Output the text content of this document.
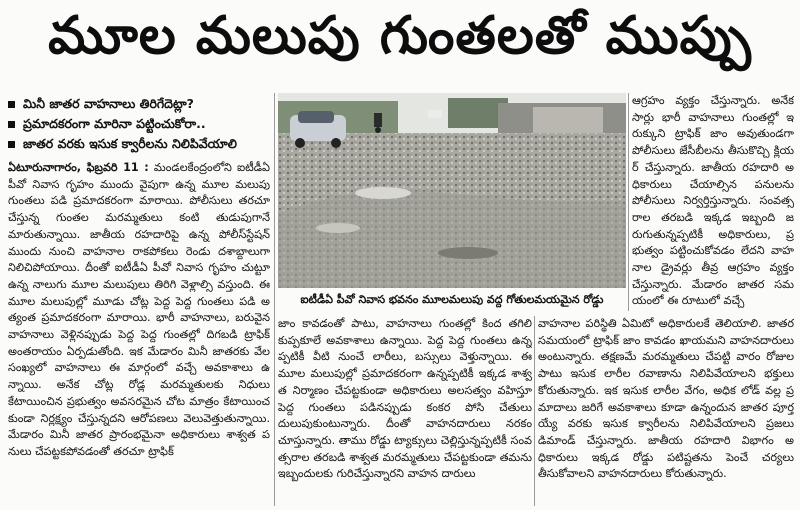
మూల మలుపు గుంతలతో ముప్పు
మినీ జాతర వాహనాలు తిరిగేదెట్లా?
ప్రమాదకరంగా మారినా పట్టించుకోరా..
జాతర వరకు ఇసుక క్వారీలను నిలిపివేయాలి

ఏటూరునాగారం, ఫిబ్రవరి 11 : మండలకేంద్రంలోని ఐటీడీఏ పీవో నివాస గృహం ముందు వైపుగా ఉన్న మూల మలుపు గుంతలు పడి ప్రమాదకరంగా మారాయి. పోలీసులు తరచూ చేస్తున్న గుంతల మరమ్మతులు కంటి తుడుపుగానే మారుతున్నాయి. జాతీయ రహదారిపై ఉన్న పోలీస్‌స్టేషన్ ముందు నుంచి వాహనాల రాకపోకలు రెండు దశాబ్దాలుగా నిలిచిపోయాయి. దీంతో ఐటీడీఏ పీవో నివాస గృహం చుట్టూ ఉన్న నాలుగు మూల మలుపులు తిరిగి వెళ్లాల్సి వస్తుంది. ఈ మూల మలుపుల్లో మూడు చోట్ల పెద్ద పెద్ద గుంతలు పడి అత్యంత ప్రమాదకరంగా మారాయి. భారీ వాహనాలు, బరువైన వాహనాలు వెళ్లినప్పుడు పెద్ద పెద్ద గుంతల్లో దిగబడి ట్రాఫిక్ అంతరాయం ఏర్పడుతోంది. ఇక మేడారం మినీ జాతరకు వేల సంఖ్యలో వాహనాలు ఈ మార్గంలో వచ్చే అవకాశాలు ఉన్నాయి. అనేక చోట్ల రోడ్ల మరమ్మతులకు నిధులు కేటాయించిన ప్రభుత్వం అవసరమైన చోట మాత్రం కేటాయించకుండా నిర్లక్ష్యం చేస్తున్నదని ఆరోపణలు వెలువెత్తుతున్నాయి. మేడారం మినీ జాతర ప్రారంభమైనా అధికారులు శాశ్వత పనులు చేపట్టకపోవడంతో తరచూ ట్రాఫిక్

ఐటీడీఏ పీవో నివాస భవనం మూలమలుపు వద్ద గోతులమయమైన రోడ్డు

ఆగ్రహం వ్యక్తం చేస్తున్నారు. అనేక సార్లు భారీ వాహనాలు గుంతల్లో ఇరుక్కుని ట్రాఫిక్ జాం అవుతుండగా పోలీసులు జేసీబీలను తీసుకొచ్చి క్లియర్ చేస్తున్నారు. జాతీయ రహదారి అధికారులు చేయాల్సిన పనులను పోలీసులు నిర్వర్తిస్తున్నారు. సంవత్సరాల తరబడి ఇక్కడ ఇబ్బంది జరుగుతున్నప్పటికీ అధికారులు, ప్రభుత్వం పట్టించుకోవడం లేదని వాహనాల డ్రైవర్లు తీవ్ర ఆగ్రహం వ్యక్తం చేస్తున్నారు. మేడారం జాతర సమయంలో ఈ రూటులో వచ్చే

జాం కావడంతో పాటు, వాహనాలు గుంతల్లో కింద తగిలి కుప్పకూలే అవకాశాలు ఉన్నాయి. పెద్ద పెద్ద గుంతలు ఉన్నప్పటికీ వీటి నుంచే లారీలు, బస్సులు వెళ్తున్నాయి. ఈ మూల మలుపుల్లో ప్రమాదకరంగా ఉన్నప్పటికీ ఇక్కడ శాశ్వత నిర్మాణం చేపట్టకుండా అధికారులు అలసత్వం వహిస్తూ పెద్ద గుంతలు పడినప్పుడు కంకర పోసి చేతులు దులుపుకుంటున్నారు. దీంతో వాహనదారులు నరకం చూస్తున్నారు. తాము రోడ్డు ట్యాక్సులు చెల్లిస్తున్నప్పటికీ సంవత్సరాల తరబడి శాశ్వత మరమ్మతులు చేపట్టకుండా తమను ఇబ్బందులకు గురిచేస్తున్నారని వాహన దారులు

వాహనాల పరిస్థితి ఏమిటో అధికారులకే తెలియాలి. జాతర సమయంలో ట్రాఫిక్ జాం కావడం ఖాయమని వాహనదారులు అంటున్నారు. తక్షణమే మరమ్మతులు చేపట్టి వారం రోజుల పాటు ఇసుక లారీల రవాణాను నిలిపివేయాలని భక్తులు కోరుతున్నారు. ఇక ఇసుక లారీల వేగం, అధిక లోడ్ వల్ల ప్రమాదాలు జరిగే అవకాశాలు కూడా ఉన్నందున జాతర పూర్తయ్యే వరకు ఇసుక క్వారీలను నిలిపివేయాలని ప్రజలు డిమాండ్ చేస్తున్నారు. జాతీయ రహదారి విభాగం అధికారులు ఇక్కడ రోడ్డు పటిష్టతను పెంచే చర్యలు తీసుకోవాలని వాహనదారులు కోరుతున్నారు.
